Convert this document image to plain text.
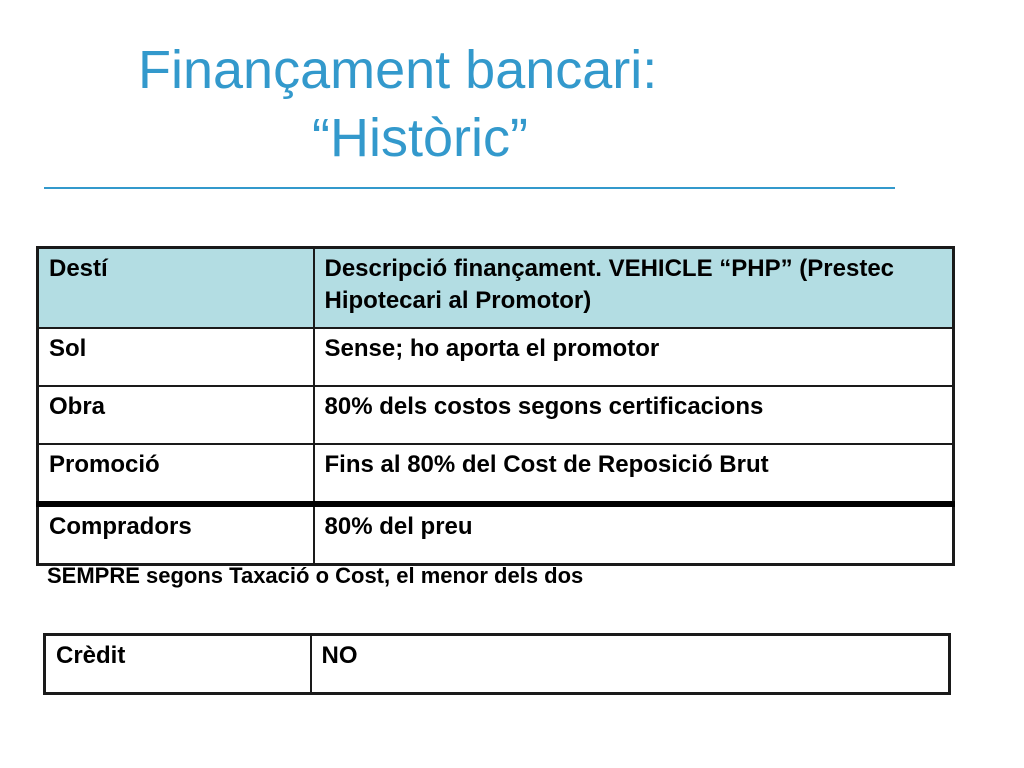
Finançament bancari:
“Històric”
Destí	Descripció finançament. VEHICLE “PHP” (Prestec Hipotecari al Promotor)
Sol	Sense; ho aporta el promotor
Obra	80% dels costos segons certificacions
Promoció	Fins al 80% del Cost de Reposició Brut
Compradors	80% del preu

SEMPRE segons Taxació o Cost, el menor dels dos

Crèdit	NO
